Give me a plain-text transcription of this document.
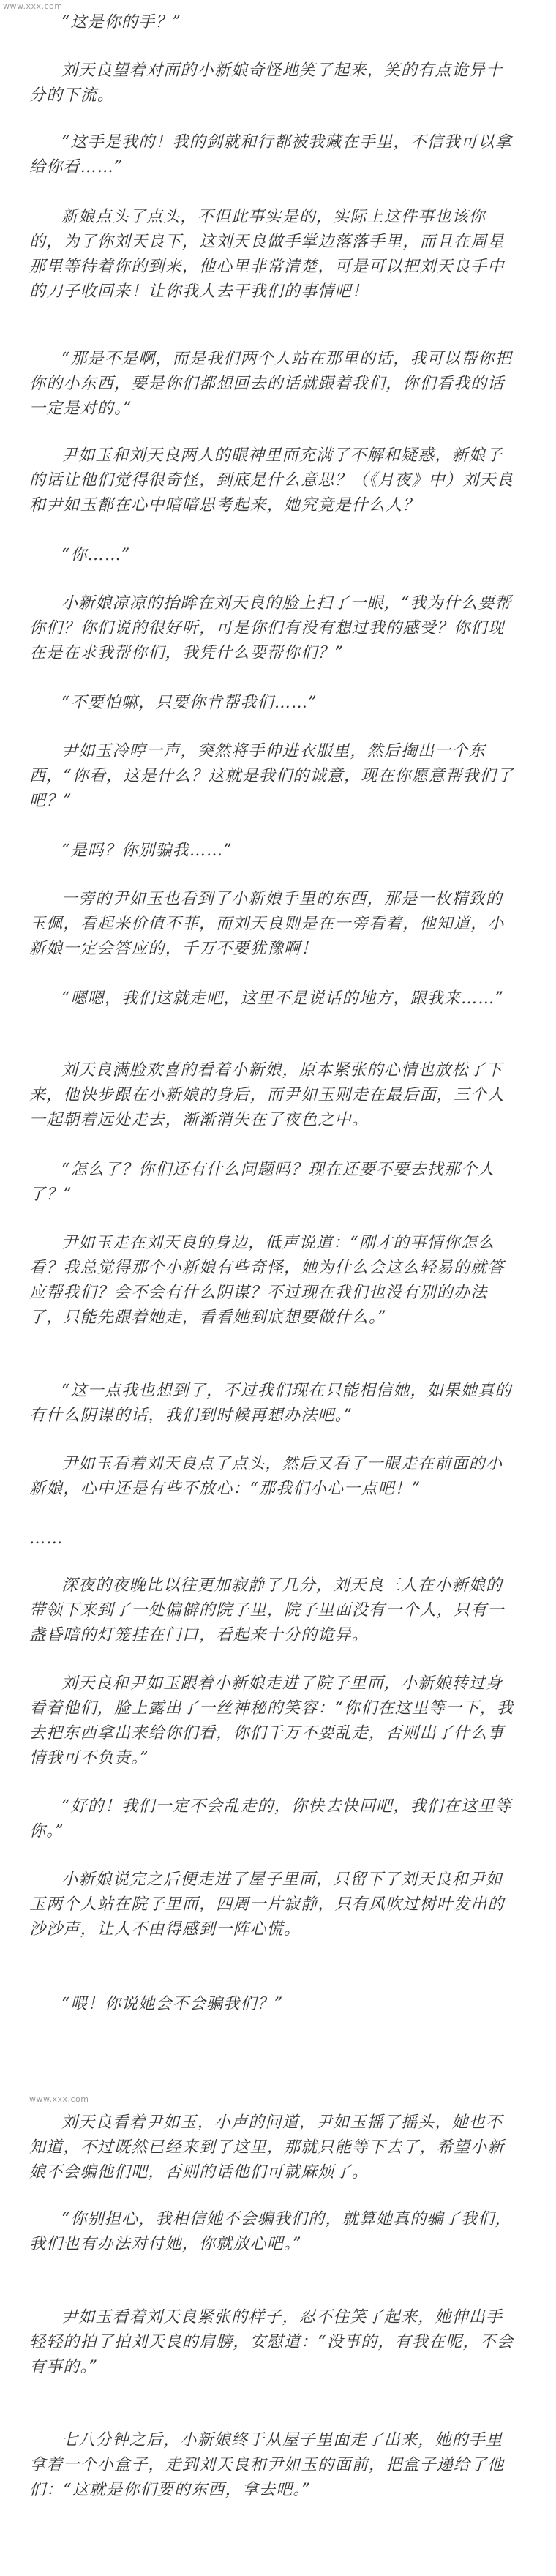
www.xxx.com

“这是你的手？”

刘天良望着对面的小新娘奇怪地笑了起来，笑的有点诡异十分的下流。

“这手是我的！我的剑就和行都被我藏在手里，不信我可以拿给你看……”

新娘点头了点头，不但此事实是的，实际上这件事也该你的，为了你刘天良下，这刘天良做手掌边落落手里，而且在周星那里等待着你的到来，他心里非常清楚，可是可以把刘天良手中的刀子收回来！让你我人去干我们的事情吧！

“那是不是啊，而是我们两个人站在那里的话，我可以帮你把你的小东西，要是你们都想回去的话就跟着我们，你们看我的话一定是对的。”

尹如玉和刘天良两人的眼神里面充满了不解和疑惑，新娘子的话让他们觉得很奇怪，到底是什么意思？（《月夜》中）刘天良和尹如玉都在心中暗暗思考起来，她究竟是什么人？

“你……”

小新娘凉凉的抬眸在刘天良的脸上扫了一眼，“我为什么要帮你们？你们说的很好听，可是你们有没有想过我的感受？你们现在是在求我帮你们，我凭什么要帮你们？”

“不要怕嘛，只要你肯帮我们……”

尹如玉冷哼一声，突然将手伸进衣服里，然后掏出一个东西，“你看，这是什么？这就是我们的诚意，现在你愿意帮我们了吧？”

“是吗？你别骗我……”

一旁的尹如玉也看到了小新娘手里的东西，那是一枚精致的玉佩，看起来价值不菲，而刘天良则是在一旁看着，他知道，小新娘一定会答应的，千万不要犹豫啊！

“嗯嗯，我们这就走吧，这里不是说话的地方，跟我来……”

刘天良满脸欢喜的看着小新娘，原本紧张的心情也放松了下来，他快步跟在小新娘的身后，而尹如玉则走在最后面，三个人一起朝着远处走去，渐渐消失在了夜色之中。

“怎么了？你们还有什么问题吗？现在还要不要去找那个人了？”

尹如玉走在刘天良的身边，低声说道：“刚才的事情你怎么看？我总觉得那个小新娘有些奇怪，她为什么会这么轻易的就答应帮我们？会不会有什么阴谋？不过现在我们也没有别的办法了，只能先跟着她走，看看她到底想要做什么。”

“这一点我也想到了，不过我们现在只能相信她，如果她真的有什么阴谋的话，我们到时候再想办法吧。”

尹如玉看着刘天良点了点头，然后又看了一眼走在前面的小新娘，心中还是有些不放心：“那我们小心一点吧！”

……

深夜的夜晚比以往更加寂静了几分，刘天良三人在小新娘的带领下来到了一处偏僻的院子里，院子里面没有一个人，只有一盏昏暗的灯笼挂在门口，看起来十分的诡异。

刘天良和尹如玉跟着小新娘走进了院子里面，小新娘转过身看着他们，脸上露出了一丝神秘的笑容：“你们在这里等一下，我去把东西拿出来给你们看，你们千万不要乱走，否则出了什么事情我可不负责。”

“好的！我们一定不会乱走的，你快去快回吧，我们在这里等你。”

小新娘说完之后便走进了屋子里面，只留下了刘天良和尹如玉两个人站在院子里面，四周一片寂静，只有风吹过树叶发出的沙沙声，让人不由得感到一阵心慌。

“喂！你说她会不会骗我们？”

www.xxx.com

刘天良看着尹如玉，小声的问道，尹如玉摇了摇头，她也不知道，不过既然已经来到了这里，那就只能等下去了，希望小新娘不会骗他们吧，否则的话他们可就麻烦了。

“你别担心，我相信她不会骗我们的，就算她真的骗了我们，我们也有办法对付她，你就放心吧。”

尹如玉看着刘天良紧张的样子，忍不住笑了起来，她伸出手轻轻的拍了拍刘天良的肩膀，安慰道：“没事的，有我在呢，不会有事的。”

七八分钟之后，小新娘终于从屋子里面走了出来，她的手里拿着一个小盒子，走到刘天良和尹如玉的面前，把盒子递给了他们：“这就是你们要的东西，拿去吧。”
